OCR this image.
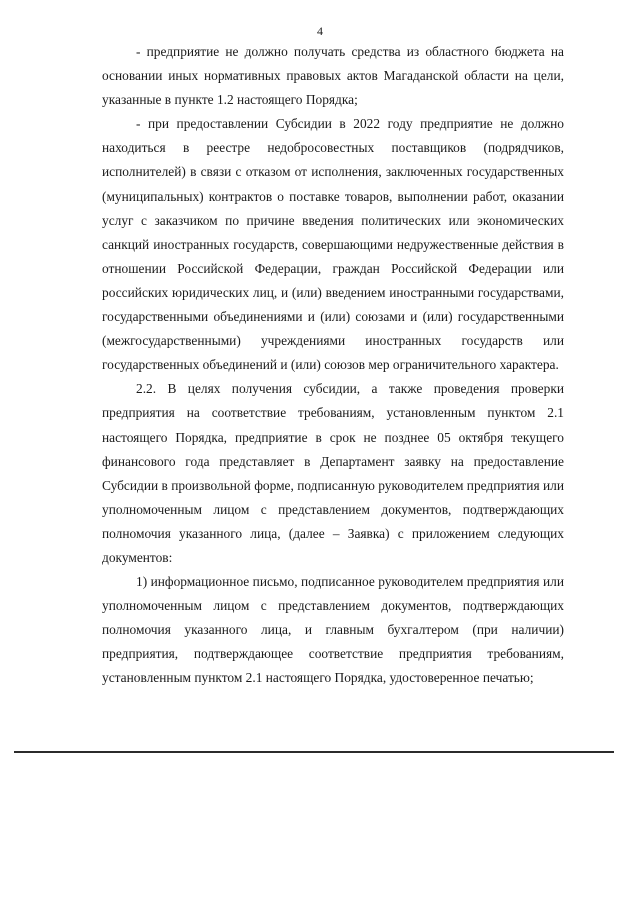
4

- предприятие не должно получать средства из областного бюджета на основании иных нормативных правовых актов Магаданской области на цели, указанные в пункте 1.2 настоящего Порядка;

- при предоставлении Субсидии в 2022 году предприятие не должно находиться в реестре недобросовестных поставщиков (подрядчиков, исполнителей) в связи с отказом от исполнения, заключенных государственных (муниципальных) контрактов о поставке товаров, выполнении работ, оказании услуг с заказчиком по причине введения политических или экономических санкций иностранных государств, совершающими недружественные действия в отношении Российской Федерации, граждан Российской Федерации или российских юридических лиц, и (или) введением иностранными государствами, государственными объединениями и (или) союзами и (или) государственными (межгосударственными) учреждениями иностранных государств или государственных объединений и (или) союзов мер ограничительного характера.

2.2. В целях получения субсидии, а также проведения проверки предприятия на соответствие требованиям, установленным пунктом 2.1 настоящего Порядка, предприятие в срок не позднее 05 октября текущего финансового года представляет в Департамент заявку на предоставление Субсидии в произвольной форме, подписанную руководителем предприятия или уполномоченным лицом с представлением документов, подтверждающих полномочия указанного лица, (далее – Заявка) с приложением следующих документов:

1) информационное письмо, подписанное руководителем предприятия или уполномоченным лицом с представлением документов, подтверждающих полномочия указанного лица, и главным бухгалтером (при наличии) предприятия, подтверждающее соответствие предприятия требованиям, установленным пунктом 2.1 настоящего Порядка, удостоверенное печатью;
